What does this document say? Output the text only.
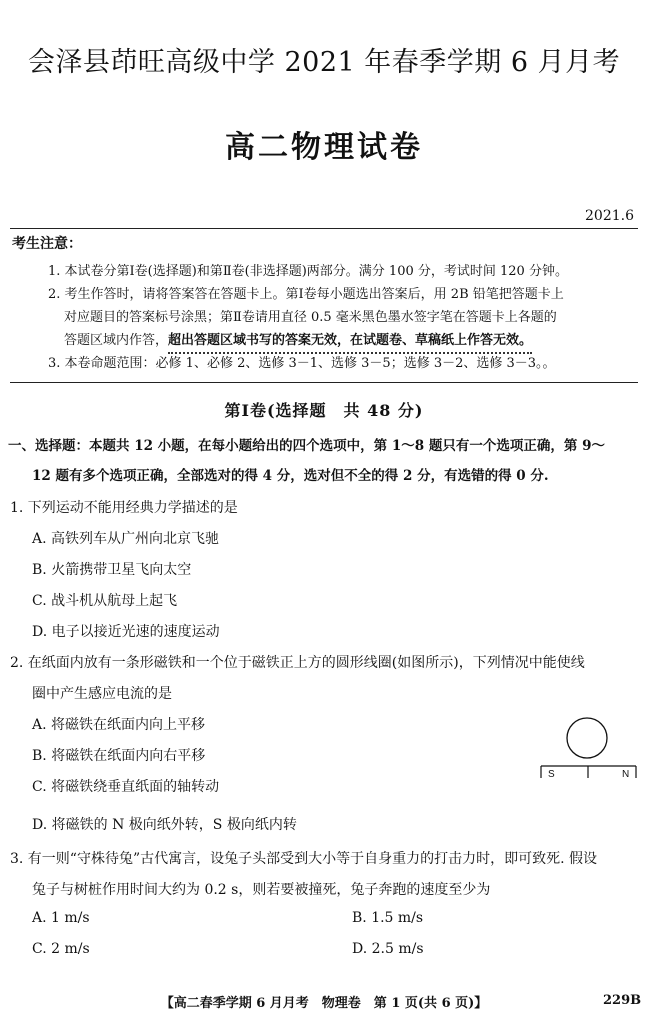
会泽县茚旺高级中学 2021 年春季学期 6 月月考
高二物理试卷
2021.6
考生注意：
1. 本试卷分第Ⅰ卷(选择题)和第Ⅱ卷(非选择题)两部分。满分 100 分，考试时间 120 分钟。
2. 考生作答时，请将答案答在答题卡上。第Ⅰ卷每小题选出答案后，用 2B 铅笔把答题卡上
对应题目的答案标号涂黑；第Ⅱ卷请用直径 0.5 毫米黑色墨水签字笔在答题卡上各题的
答题区域内作答，超出答题区域书写的答案无效，在试题卷、草稿纸上作答无效。
3. 本卷命题范围：必修 1、必修 2、选修 3－1、选修 3－5；选修 3－2、选修 3－3。。
第Ⅰ卷(选择题　共 48 分)
一、选择题：本题共 12 小题，在每小题给出的四个选项中，第 1～8 题只有一个选项正确，第 9～
12 题有多个选项正确，全部选对的得 4 分，选对但不全的得 2 分，有选错的得 0 分.
1. 下列运动不能用经典力学描述的是
A. 高铁列车从广州向北京飞驰
B. 火箭携带卫星飞向太空
C. 战斗机从航母上起飞
D. 电子以接近光速的速度运动
2. 在纸面内放有一条形磁铁和一个位于磁铁正上方的圆形线圈(如图所示)，下列情况中能使线
圈中产生感应电流的是
A. 将磁铁在纸面内向上平移
B. 将磁铁在纸面内向右平移
C. 将磁铁绕垂直纸面的轴转动
D. 将磁铁的 N 极向纸外转，S 极向纸内转
S	N
3. 有一则“守株待兔”古代寓言，设兔子头部受到大小等于自身重力的打击力时，即可致死. 假设
兔子与树桩作用时间大约为 0.2 s，则若要被撞死，兔子奔跑的速度至少为
A. 1 m/s	B. 1.5 m/s
C. 2 m/s	D. 2.5 m/s
【高二春季学期 6 月月考　物理卷　第 1 页(共 6 页)】	229B
